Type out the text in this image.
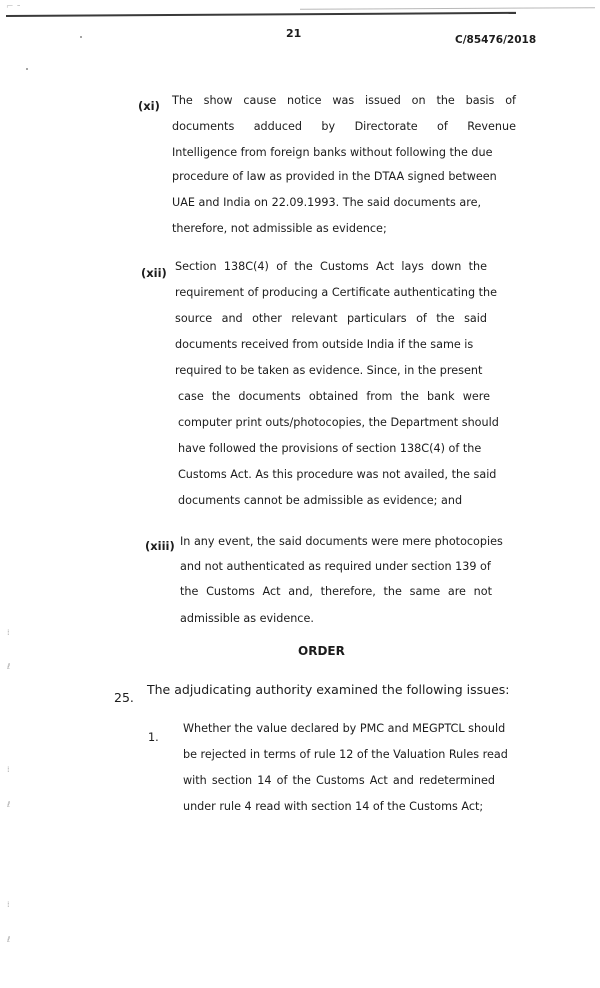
⌐ ⁃
21	C/85476/2018
(xi) The show cause notice was issued on the basis of
documents adduced by Directorate of Revenue
Intelligence from foreign banks without following the due
procedure of law as provided in the DTAA signed between
UAE and India on 22.09.1993. The said documents are,
therefore, not admissible as evidence;
(xii) Section 138C(4) of the Customs Act lays down the
requirement of producing a Certificate authenticating the
source and other relevant particulars of the said
documents received from outside India if the same is
required to be taken as evidence. Since, in the present
case the documents obtained from the bank were
computer print outs/photocopies, the Department should
have followed the provisions of section 138C(4) of the
Customs Act. As this procedure was not availed, the said
documents cannot be admissible as evidence; and
(xiii) In any event, the said documents were mere photocopies
and not authenticated as required under section 139 of
the Customs Act and, therefore, the same are not
admissible as evidence.
ORDER
25.
The adjudicating authority examined the following issues:
1.
Whether the value declared by PMC and MEGPTCL should
be rejected in terms of rule 12 of the Valuation Rules read
with section 14 of the Customs Act and redetermined
under rule 4 read with section 14 of the Customs Act;
⁞
ℓ
⁞
ℓ
⁞
ℓ
